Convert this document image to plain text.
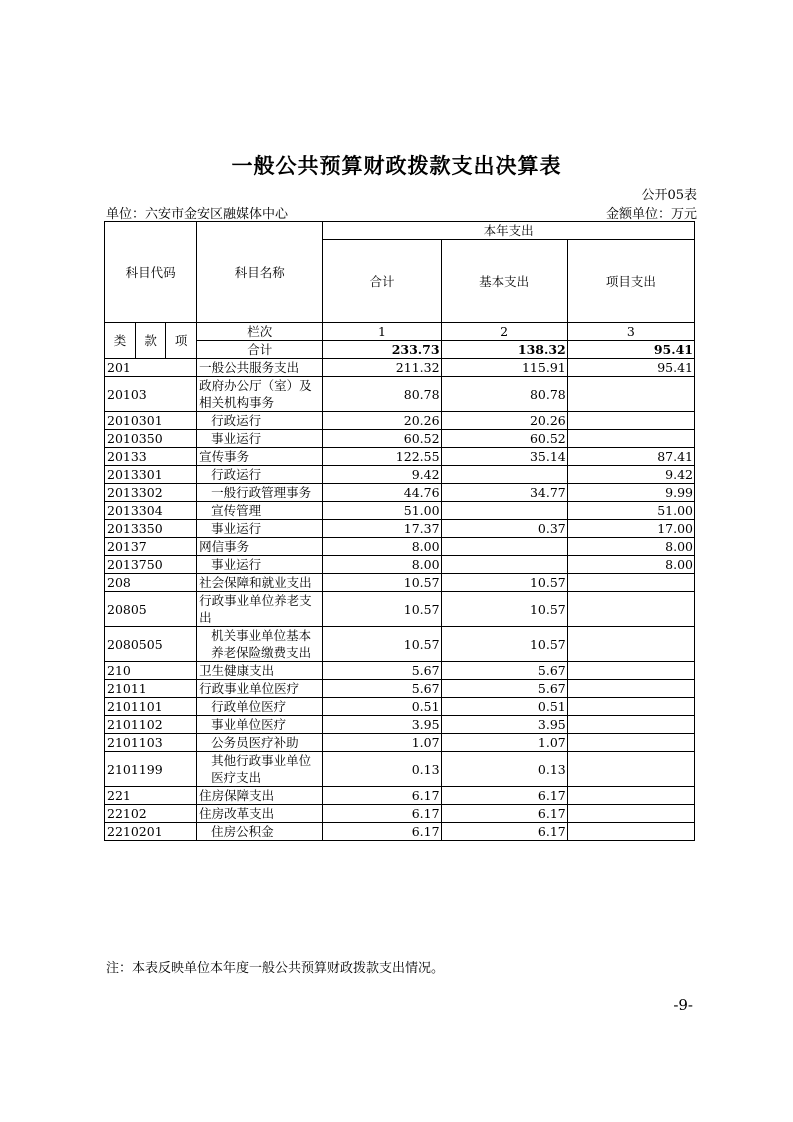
一般公共预算财政拨款支出决算表
公开05表
单位：六安市金安区融媒体中心	金额单位：万元
科目代码			科目名称	本年支出		
				合计	基本支出	项目支出
类	款	项	栏次	1	2	3
			合计	233.73	138.32	95.41
201			一般公共服务支出	211.32	115.91	95.41
20103			政府办公厅（室）及相关机构事务	80.78	80.78	
2010301			行政运行	20.26	20.26	
2010350			事业运行	60.52	60.52	
20133			宣传事务	122.55	35.14	87.41
2013301			行政运行	9.42		9.42
2013302			一般行政管理事务	44.76	34.77	9.99
2013304			宣传管理	51.00		51.00
2013350			事业运行	17.37	0.37	17.00
20137			网信事务	8.00		8.00
2013750			事业运行	8.00		8.00
208			社会保障和就业支出	10.57	10.57	
20805			行政事业单位养老支出	10.57	10.57	
2080505			机关事业单位基本养老保险缴费支出	10.57	10.57	
210			卫生健康支出	5.67	5.67	
21011			行政事业单位医疗	5.67	5.67	
2101101			行政单位医疗	0.51	0.51	
2101102			事业单位医疗	3.95	3.95	
2101103			公务员医疗补助	1.07	1.07	
2101199			其他行政事业单位医疗支出	0.13	0.13	
221			住房保障支出	6.17	6.17	
22102			住房改革支出	6.17	6.17	
2210201			住房公积金	6.17	6.17	
注：本表反映单位本年度一般公共预算财政拨款支出情况。
-9-
